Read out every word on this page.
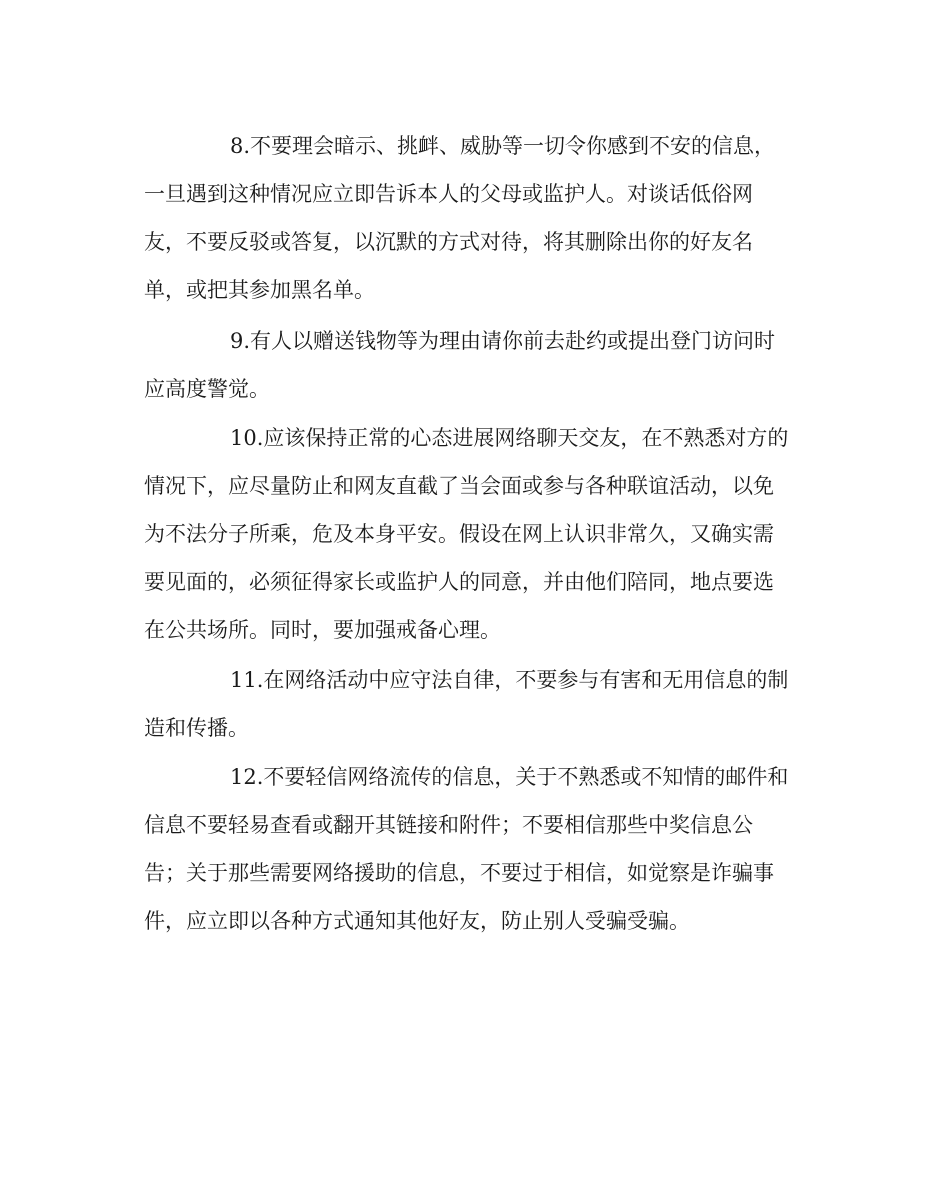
8.不要理会暗示、挑衅、威胁等一切令你感到不安的信息，
一旦遇到这种情况应立即告诉本人的父母或监护人。对谈话低俗网
友，不要反驳或答复，以沉默的方式对待，将其删除出你的好友名
单，或把其参加黑名单。
9.有人以赠送钱物等为理由请你前去赴约或提出登门访问时
应高度警觉。
10.应该保持正常的心态进展网络聊天交友，在不熟悉对方的
情况下，应尽量防止和网友直截了当会面或参与各种联谊活动，以免
为不法分子所乘，危及本身平安。假设在网上认识非常久，又确实需
要见面的，必须征得家长或监护人的同意，并由他们陪同，地点要选
在公共场所。同时，要加强戒备心理。
11.在网络活动中应守法自律，不要参与有害和无用信息的制
造和传播。
12.不要轻信网络流传的信息，关于不熟悉或不知情的邮件和
信息不要轻易查看或翻开其链接和附件；不要相信那些中奖信息公
告；关于那些需要网络援助的信息，不要过于相信，如觉察是诈骗事
件，应立即以各种方式通知其他好友，防止别人受骗受骗。
